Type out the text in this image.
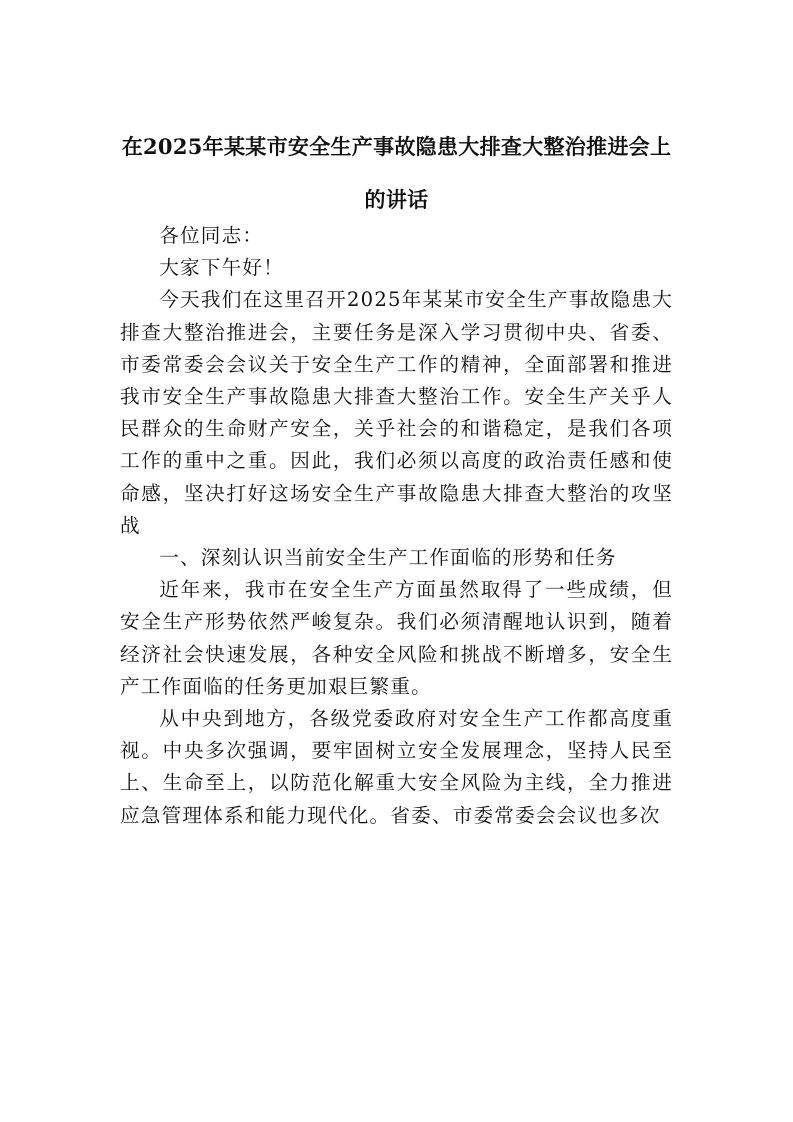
在2025年某某市安全生产事故隐患大排查大整治推进会上
的讲话

各位同志：

大家下午好！

今天我们在这里召开2025年某某市安全生产事故隐患大排查大整治推进会，主要任务是深入学习贯彻中央、省委、市委常委会会议关于安全生产工作的精神，全面部署和推进我市安全生产事故隐患大排查大整治工作。安全生产关乎人民群众的生命财产安全，关乎社会的和谐稳定，是我们各项工作的重中之重。因此，我们必须以高度的政治责任感和使命感，坚决打好这场安全生产事故隐患大排查大整治的攻坚战

一、深刻认识当前安全生产工作面临的形势和任务

近年来，我市在安全生产方面虽然取得了一些成绩，但安全生产形势依然严峻复杂。我们必须清醒地认识到，随着经济社会快速发展，各种安全风险和挑战不断增多，安全生产工作面临的任务更加艰巨繁重。

从中央到地方，各级党委政府对安全生产工作都高度重视。中央多次强调，要牢固树立安全发展理念，坚持人民至上、生命至上，以防范化解重大安全风险为主线，全力推进应急管理体系和能力现代化。省委、市委常委会会议也多次
